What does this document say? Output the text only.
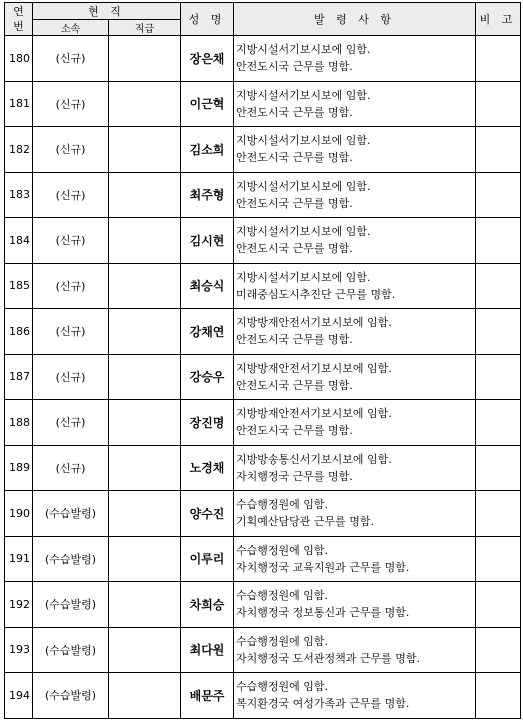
연
번	현 직		성 명	발 령 사 항	비 고
	소속	직급			
180	(신규)		장은채	지방시설서기보시보에 임함.
안전도시국 근무를 명함.	

181	(신규)		이근혁	지방시설서기보시보에 임함.
안전도시국 근무를 명함.	

182	(신규)		김소희	지방시설서기보시보에 임함.
안전도시국 근무를 명함.	

183	(신규)		최주형	지방시설서기보시보에 임함.
안전도시국 근무를 명함.	

184	(신규)		김시현	지방시설서기보시보에 임함.
안전도시국 근무를 명함.	

185	(신규)		최승식	지방시설서기보시보에 임함.
미래중심도시추진단 근무를 명함.	

186	(신규)		강채연	지방방재안전서기보시보에 임함.
안전도시국 근무를 명함.	

187	(신규)		강승우	지방방재안전서기보시보에 임함.
안전도시국 근무를 명함.	

188	(신규)		장진명	지방방재안전서기보시보에 임함.
안전도시국 근무를 명함.	

189	(신규)		노경채	지방방송통신서기보시보에 임함.
자치행정국 근무를 명함.	

190	(수습발령)		양수진	수습행정원에 임함.
기획예산담당관 근무를 명함.	

191	(수습발령)		이루리	수습행정원에 임함.
자치행정국 교육지원과 근무를 명함.	

192	(수습발령)		차희승	수습행정원에 임함.
자치행정국 정보통신과 근무를 명함.	

193	(수습발령)		최다원	수습행정원에 임함.
자치행정국 도서관정책과 근무를 명함.	

194	(수습발령)		배문주	수습행정원에 임함.
복지환경국 여성가족과 근무를 명함.	
